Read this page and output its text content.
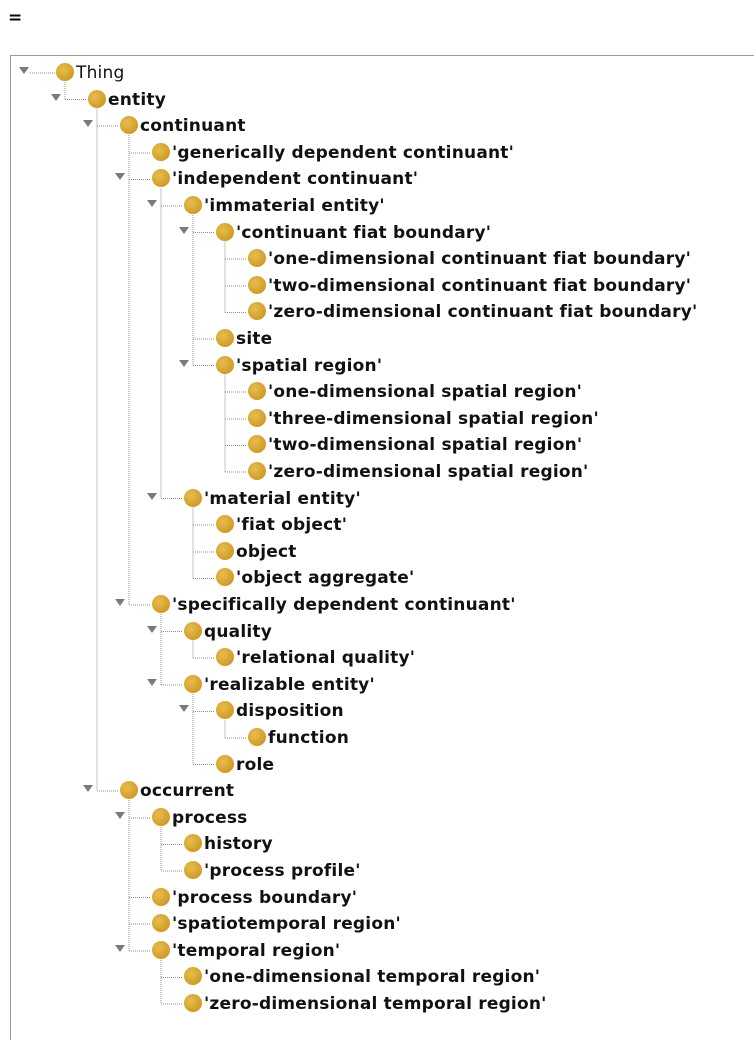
=
Thing
entity
continuant
'generically dependent continuant'
'independent continuant'
'immaterial entity'
'continuant fiat boundary'
'one-dimensional continuant fiat boundary'
'two-dimensional continuant fiat boundary'
'zero-dimensional continuant fiat boundary'
site
'spatial region'
'one-dimensional spatial region'
'three-dimensional spatial region'
'two-dimensional spatial region'
'zero-dimensional spatial region'
'material entity'
'fiat object'
object
'object aggregate'
'specifically dependent continuant'
quality
'relational quality'
'realizable entity'
disposition
function
role
occurrent
process
history
'process profile'
'process boundary'
'spatiotemporal region'
'temporal region'
'one-dimensional temporal region'
'zero-dimensional temporal region'
